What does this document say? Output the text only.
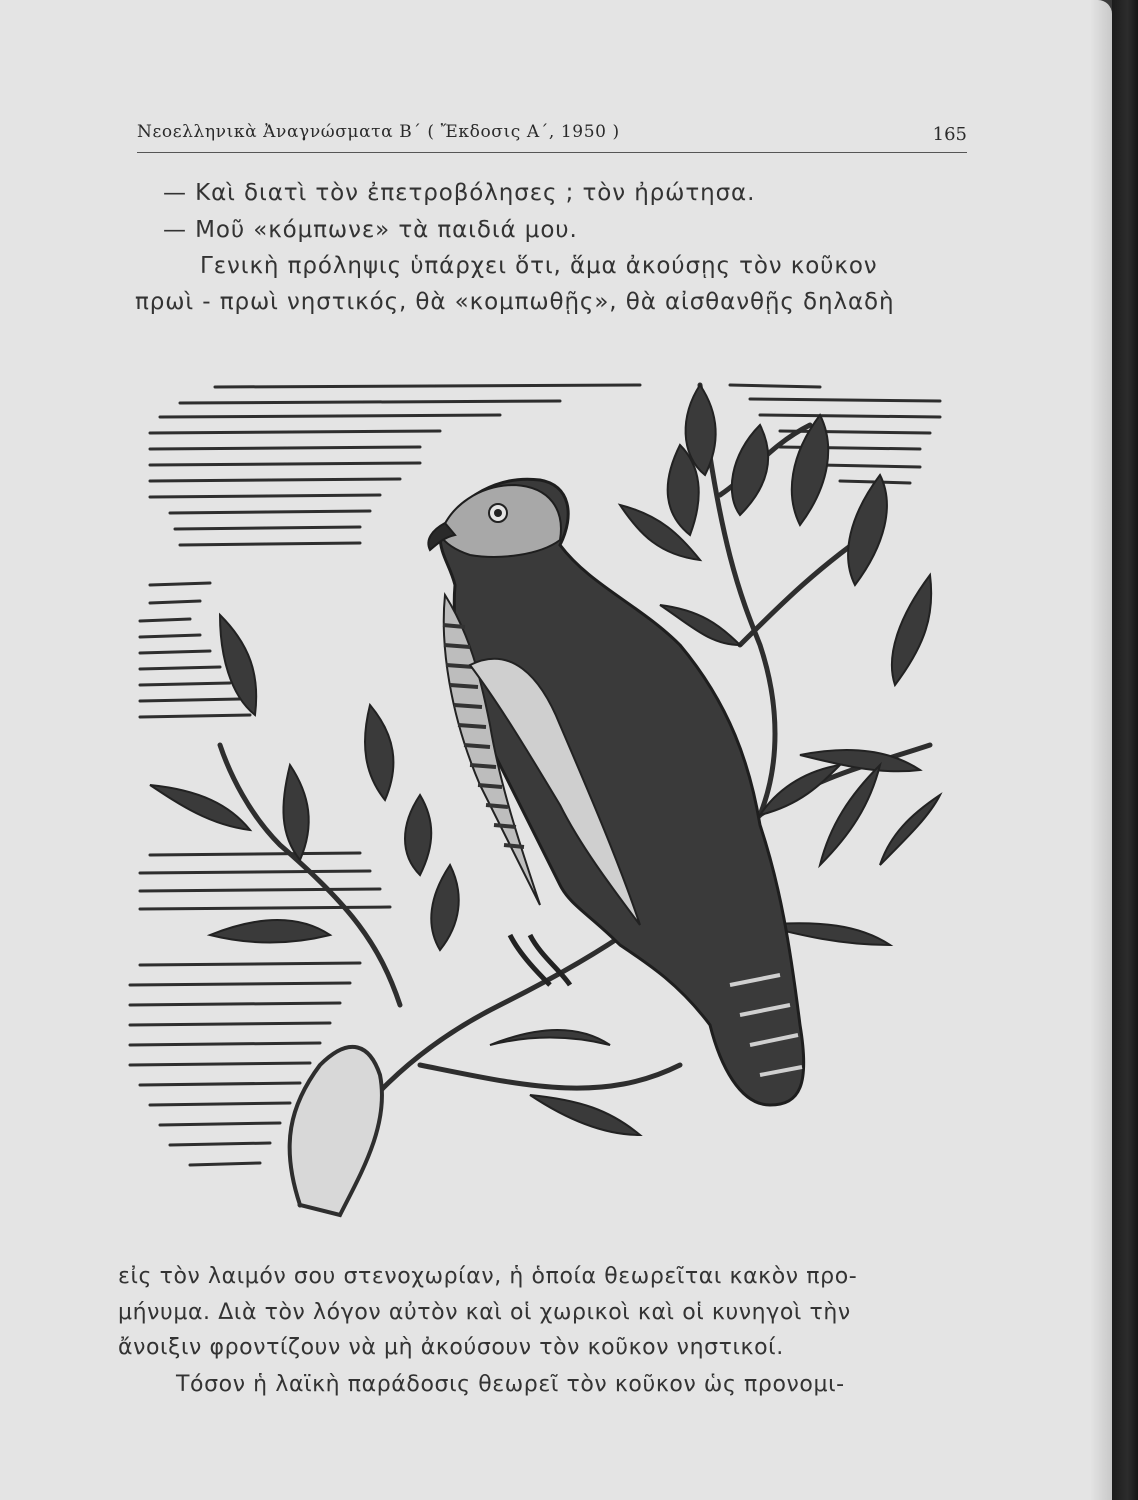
Νεοελληνικὰ Ἀναγνώσματα Β´ ( Ἔκδοσις Α´, 1950 )	165

— Καὶ διατὶ τὸν ἐπετροβόλησες ; τὸν ἠρώτησα.

— Μοῦ «κόμπωνε» τὰ παιδιά μου.

Γενικὴ πρόληψις ὑπάρχει ὅτι, ἅμα ἀκούσῃς τὸν κοῦκον

πρωὶ - πρωὶ νηστικός, θὰ «κομπωθῇς», θὰ αἰσθανθῇς δηλαδὴ

εἰς τὸν λαιμόν σου στενοχωρίαν, ἡ ὁποία θεωρεῖται κακὸν προ-

μήνυμα. Διὰ τὸν λόγον αὐτὸν καὶ οἱ χωρικοὶ καὶ οἱ κυνηγοὶ τὴν

ἄνοιξιν φροντίζουν νὰ μὴ ἀκούσουν τὸν κοῦκον νηστικοί.

Τόσον ἡ λαϊκὴ παράδοσις θεωρεῖ τὸν κοῦκον ὡς προνομι-
